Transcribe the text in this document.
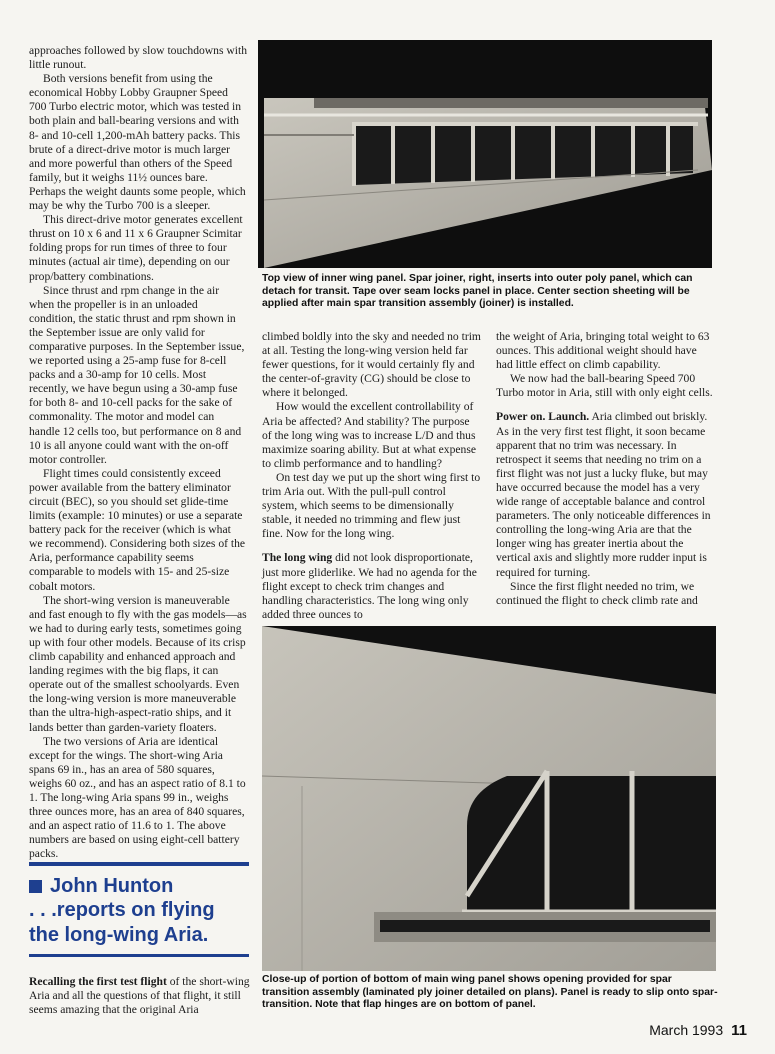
approaches followed by slow touchdowns with little runout.

Both versions benefit from using the economical Hobby Lobby Graupner Speed 700 Turbo electric motor, which was tested in both plain and ball-bearing versions and with 8- and 10-cell 1,200-mAh battery packs. This brute of a direct-drive motor is much larger and more powerful than others of the Speed family, but it weighs 11½ ounces bare. Perhaps the weight daunts some people, which may be why the Turbo 700 is a sleeper.

This direct-drive motor generates excellent thrust on 10 x 6 and 11 x 6 Graupner Scimitar folding props for run times of three to four minutes (actual air time), depending on our prop/battery combinations.

Since thrust and rpm change in the air when the propeller is in an unloaded condition, the static thrust and rpm shown in the September issue are only valid for comparative purposes. In the September issue, we reported using a 25-amp fuse for 8-cell packs and a 30-amp for 10 cells. Most recently, we have begun using a 30-amp fuse for both 8- and 10-cell packs for the sake of commonality. The motor and model can handle 12 cells too, but performance on 8 and 10 is all anyone could want with the on-off motor controller.

Flight times could consistently exceed power available from the battery eliminator circuit (BEC), so you should set glide-time limits (example: 10 minutes) or use a separate battery pack for the receiver (which is what we recommend). Considering both sizes of the Aria, performance capability seems comparable to models with 15- and 25-size cobalt motors.

The short-wing version is maneuverable and fast enough to fly with the gas models—as we had to during early tests, sometimes going up with four other models. Because of its crisp climb capability and enhanced approach and landing regimes with the big flaps, it can operate out of the smallest schoolyards. Even the long-wing version is more maneuverable than the ultra-high-aspect-ratio ships, and it lands better than garden-variety floaters.

The two versions of Aria are identical except for the wings. The short-wing Aria spans 69 in., has an area of 580 squares, weighs 60 oz., and has an aspect ratio of 8.1 to 1. The long-wing Aria spans 99 in., weighs three ounces more, has an area of 840 squares, and an aspect ratio of 11.6 to 1. The above numbers are based on using eight-cell battery packs.

John Hunton
. . .reports on flying
the long-wing Aria.

Recalling the first test flight of the short-wing Aria and all the questions of that flight, it still seems amazing that the original Aria

Top view of inner wing panel. Spar joiner, right, inserts into outer poly panel, which can detach for transit. Tape over seam locks panel in place. Center section sheeting will be applied after main spar transition assembly (joiner) is installed.

climbed boldly into the sky and needed no trim at all. Testing the long-wing version held far fewer questions, for it would certainly fly and the center-of-gravity (CG) should be close to where it belonged.

How would the excellent controllability of Aria be affected? And stability? The purpose of the long wing was to increase L/D and thus maximize soaring ability. But at what expense to climb performance and to handling?

On test day we put up the short wing first to trim Aria out. With the pull-pull control system, which seems to be dimensionally stable, it needed no trimming and flew just fine. Now for the long wing.

The long wing did not look disproportionate, just more gliderlike. We had no agenda for the flight except to check trim changes and handling characteristics. The long wing only added three ounces to

the weight of Aria, bringing total weight to 63 ounces. This additional weight should have had little effect on climb capability.

We now had the ball-bearing Speed 700 Turbo motor in Aria, still with only eight cells.

Power on. Launch. Aria climbed out briskly. As in the very first test flight, it soon became apparent that no trim was necessary. In retrospect it seems that needing no trim on a first flight was not just a lucky fluke, but may have occurred because the model has a very wide range of acceptable balance and control parameters. The only noticeable differences in controlling the long-wing Aria are that the longer wing has greater inertia about the vertical axis and slightly more rudder input is required for turning.

Since the first flight needed no trim, we continued the flight to check climb rate and

Close-up of portion of bottom of main wing panel shows opening provided for spar transition assembly (laminated ply joiner detailed on plans). Panel is ready to slip onto spar-transition. Note that flap hinges are on bottom of panel.
March 1993 11
